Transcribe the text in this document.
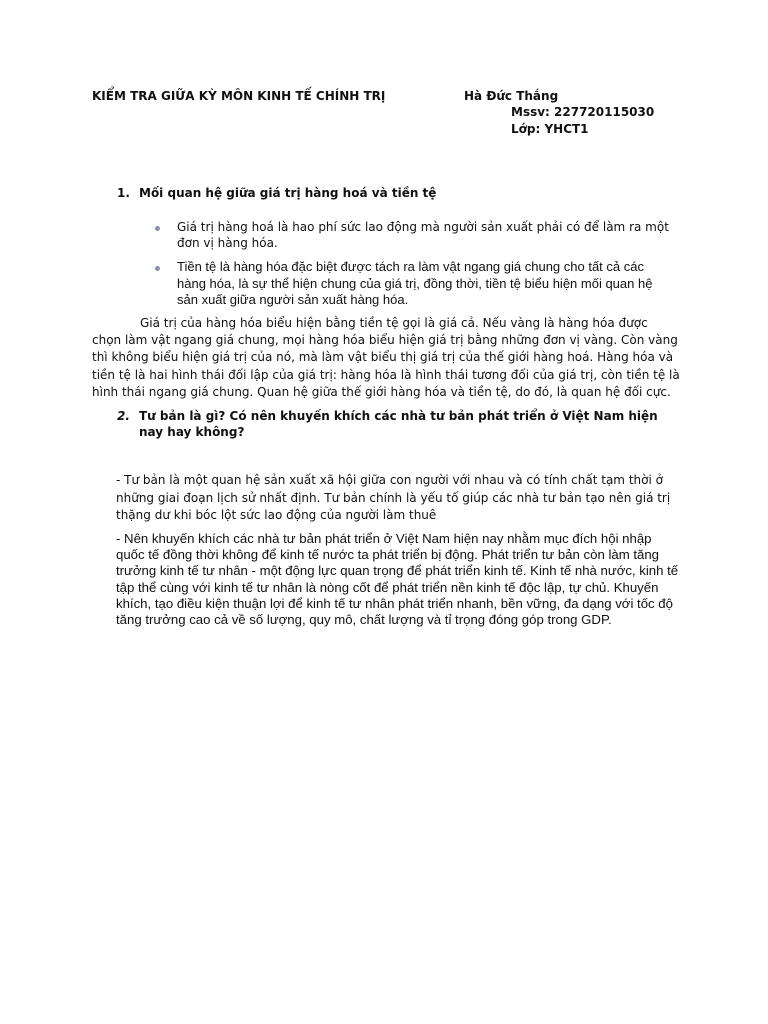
KIỂM TRA GIỮA KỲ MÔN KINH TẾ CHÍNH TRỊ	Hà Đức Thắng
Mssv: 227720115030
Lớp: YHCT1
1. Mối quan hệ giữa giá trị hàng hoá và tiền tệ
Giá trị hàng hoá là hao phí sức lao động mà người sản xuất phải có để làm ra một đơn vị hàng hóa.
Tiền tệ là hàng hóa đặc biệt được tách ra làm vật ngang giá chung cho tất cả các hàng hóa, là sự thể hiện chung của giá trị, đồng thời, tiền tệ biểu hiện mối quan hệ sản xuất giữa người sản xuất hàng hóa.

Giá trị của hàng hóa biểu hiện bằng tiền tệ gọi là giá cả. Nếu vàng là hàng hóa được chọn làm vật ngang giá chung, mọi hàng hóa biểu hiện giá trị bằng những đơn vị vàng. Còn vàng thì không biểu hiện giá trị của nó, mà làm vật biểu thị giá trị của thế giới hàng hoá. Hàng hóa và tiền tệ là hai hình thái đối lập của giá trị: hàng hóa là hình thái tương đối của giá trị, còn tiền tệ là hình thái ngang giá chung. Quan hệ giữa thế giới hàng hóa và tiền tệ, do đó, là quan hệ đối cực.

2. Tư bản là gì? Có nên khuyến khích các nhà tư bản phát triển ở Việt Nam hiện nay hay không?

- Tư bản là một quan hệ sản xuất xã hội giữa con người với nhau và có tính chất tạm thời ở những giai đoạn lịch sử nhất định. Tư bản chính là yếu tố giúp các nhà tư bản tạo nên giá trị thặng dư khi bóc lột sức lao động của người làm thuê

- Nên khuyến khích các nhà tư bản phát triển ở Việt Nam hiện nay nhằm mục đích hội nhập quốc tế đồng thời không để kinh tế nước ta phát triển bị động. Phát triển tư bản còn làm tăng trưởng kinh tế tư nhân - một động lực quan trọng để phát triển kinh tế. Kinh tế nhà nước, kinh tế tập thể cùng với kinh tế tư nhân là nòng cốt để phát triển nền kinh tế độc lập, tự chủ. Khuyến khích, tạo điều kiện thuận lợi để kinh tế tư nhân phát triển nhanh, bền vững, đa dạng với tốc độ tăng trưởng cao cả về số lượng, quy mô, chất lượng và tỉ trọng đóng góp trong GDP.
